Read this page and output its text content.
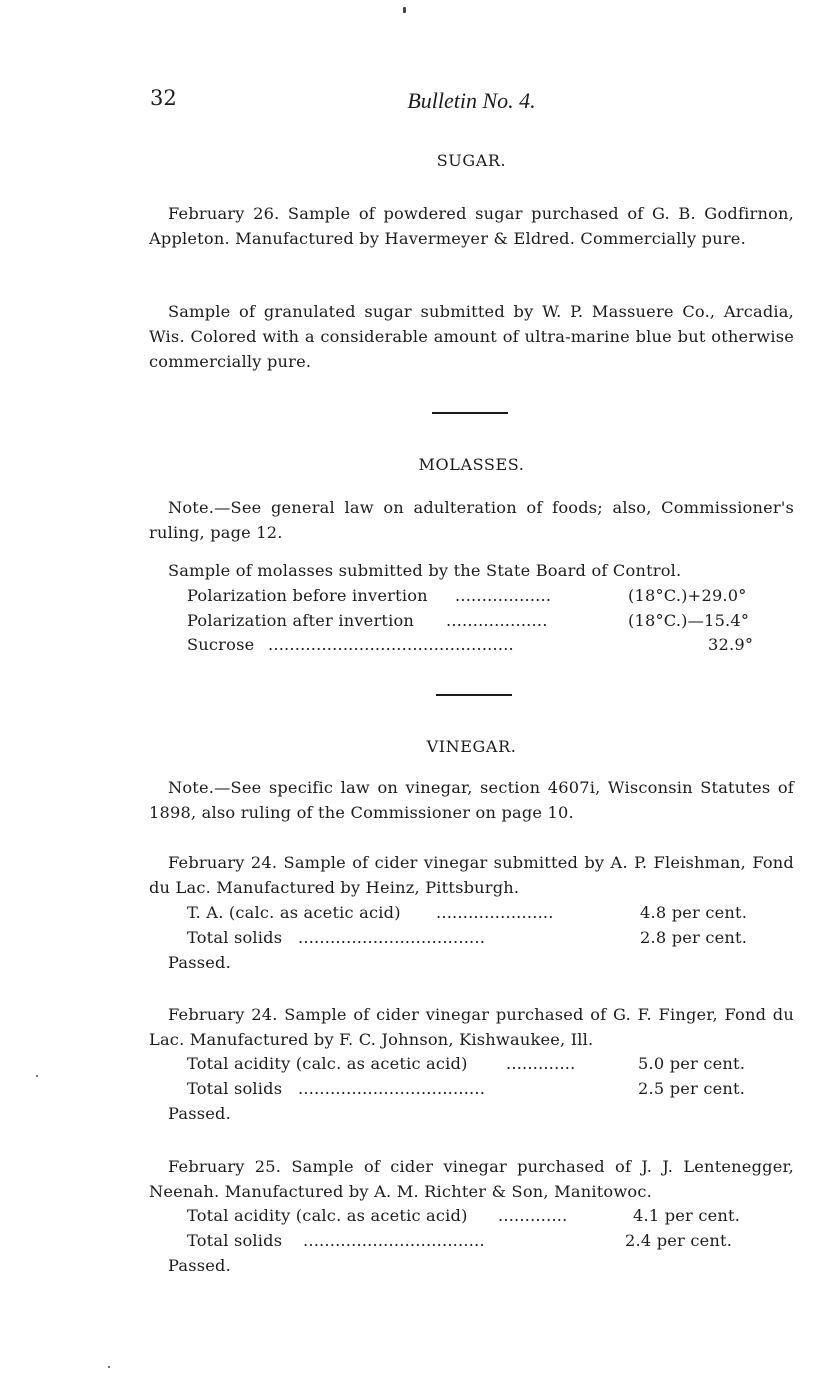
32	Bulletin No. 4.
SUGAR.
February 26. Sample of powdered sugar purchased of G. B. Godfirnon, Appleton. Manufactured by Havermeyer & Eldred. Commercially pure.
Sample of granulated sugar submitted by W. P. Massuere Co., Arcadia, Wis. Colored with a considerable amount of ultra-marine blue but otherwise commercially pure.
MOLASSES.
Note.—See general law on adulteration of foods; also, Commissioner's ruling, page 12.
Sample of molasses submitted by the State Board of Control.
Polarization before invertion ..................	(18°C.)+29.0°
Polarization after invertion ...................	(18°C.)—15.4°
Sucrose ..............................................	32.9°
VINEGAR.
Note.—See specific law on vinegar, section 4607i, Wisconsin Statutes of 1898, also ruling of the Commissioner on page 10.
February 24. Sample of cider vinegar submitted by A. P. Fleishman, Fond du Lac. Manufactured by Heinz, Pittsburgh.
T. A. (calc. as acetic acid) ......................	4.8 per cent.
Total solids ...................................	2.8 per cent.
Passed.
February 24. Sample of cider vinegar purchased of G. F. Finger, Fond du Lac. Manufactured by F. C. Johnson, Kishwaukee, Ill.
Total acidity (calc. as acetic acid) .............	5.0 per cent.
Total solids ...................................	2.5 per cent.
Passed.
February 25. Sample of cider vinegar purchased of J. J. Lentenegger, Neenah. Manufactured by A. M. Richter & Son, Manitowoc.
Total acidity (calc. as acetic acid) .............	4.1 per cent.
Total solids ..................................	2.4 per cent.
Passed.
